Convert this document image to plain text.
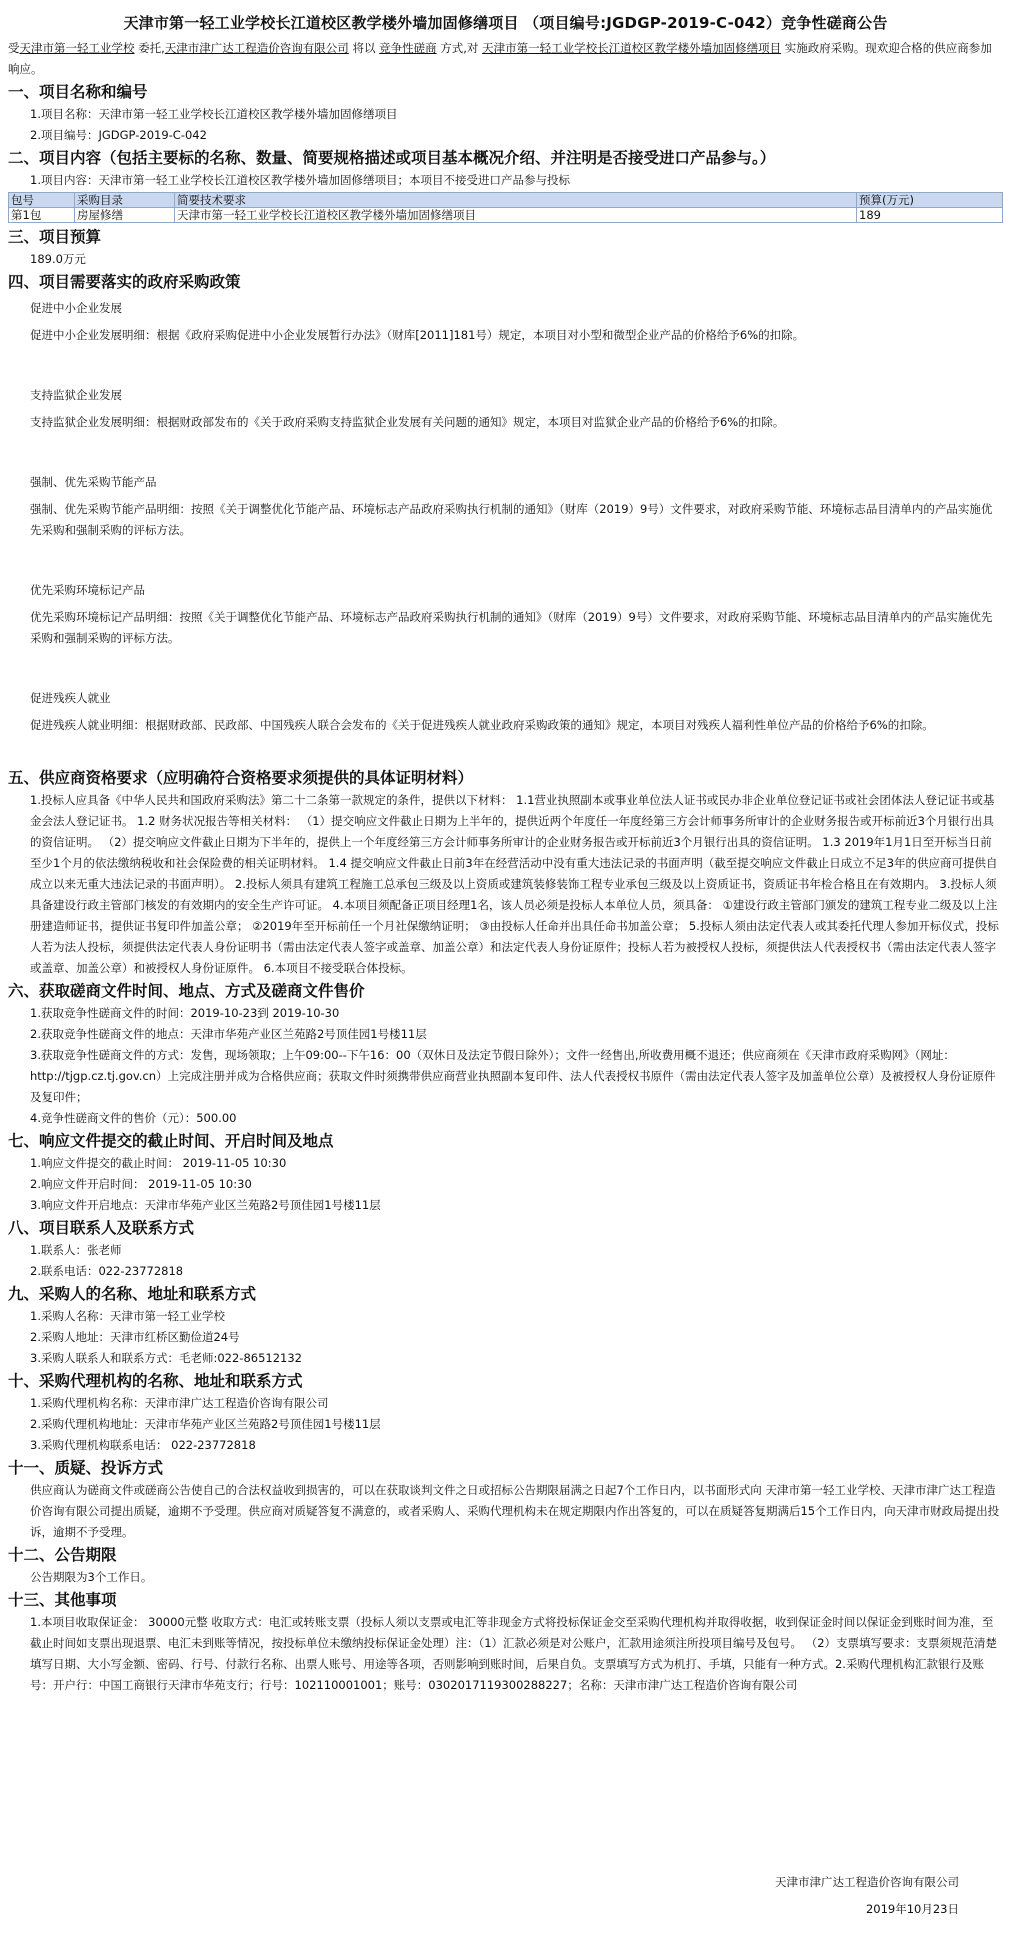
天津市第一轻工业学校长江道校区教学楼外墙加固修缮项目 （项目编号:JGDGP-2019-C-042）竞争性磋商公告
受天津市第一轻工业学校 委托,天津市津广达工程造价咨询有限公司 将以 竞争性磋商 方式,对 天津市第一轻工业学校长江道校区教学楼外墙加固修缮项目 实施政府采购。现欢迎合格的供应商参加响应。
一、项目名称和编号

1.项目名称：天津市第一轻工业学校长江道校区教学楼外墙加固修缮项目

2.项目编号：JGDGP-2019-C-042

二、项目内容（包括主要标的名称、数量、简要规格描述或项目基本概况介绍、并注明是否接受进口产品参与。）

1.项目内容：天津市第一轻工业学校长江道校区教学楼外墙加固修缮项目；本项目不接受进口产品参与投标

包号	采购目录	简要技术要求	预算(万元)
第1包	房屋修缮	天津市第一轻工业学校长江道校区教学楼外墙加固修缮项目	189
三、项目预算

189.0万元

四、项目需要落实的政府采购政策

促进中小企业发展

促进中小企业发展明细：根据《政府采购促进中小企业发展暂行办法》（财库[2011]181号）规定，本项目对小型和微型企业产品的价格给予6%的扣除。

支持监狱企业发展

支持监狱企业发展明细：根据财政部发布的《关于政府采购支持监狱企业发展有关问题的通知》规定，本项目对监狱企业产品的价格给予6%的扣除。

强制、优先采购节能产品

强制、优先采购节能产品明细：按照《关于调整优化节能产品、环境标志产品政府采购执行机制的通知》（财库（2019）9号）文件要求，对政府采购节能、环境标志品目清单内的产品实施优先采购和强制采购的评标方法。

优先采购环境标记产品

优先采购环境标记产品明细：按照《关于调整优化节能产品、环境标志产品政府采购执行机制的通知》（财库（2019）9号）文件要求，对政府采购节能、环境标志品目清单内的产品实施优先采购和强制采购的评标方法。

促进残疾人就业

促进残疾人就业明细：根据财政部、民政部、中国残疾人联合会发布的《关于促进残疾人就业政府采购政策的通知》规定，本项目对残疾人福利性单位产品的价格给予6%的扣除。

五、供应商资格要求（应明确符合资格要求须提供的具体证明材料）

1.投标人应具备《中华人民共和国政府采购法》第二十二条第一款规定的条件，提供以下材料： 1.1营业执照副本或事业单位法人证书或民办非企业单位登记证书或社会团体法人登记证书或基金会法人登记证书。 1.2 财务状况报告等相关材料： （1）提交响应文件截止日期为上半年的，提供近两个年度任一年度经第三方会计师事务所审计的企业财务报告或开标前近3个月银行出具的资信证明。 （2）提交响应文件截止日期为下半年的，提供上一个年度经第三方会计师事务所审计的企业财务报告或开标前近3个月银行出具的资信证明。 1.3 2019年1月1日至开标当日前至少1个月的依法缴纳税收和社会保险费的相关证明材料。 1.4 提交响应文件截止日前3年在经营活动中没有重大违法记录的书面声明（截至提交响应文件截止日成立不足3年的供应商可提供自成立以来无重大违法记录的书面声明）。 2.投标人须具有建筑工程施工总承包三级及以上资质或建筑装修装饰工程专业承包三级及以上资质证书，资质证书年检合格且在有效期内。 3.投标人须具备建设行政主管部门核发的有效期内的安全生产许可证。 4.本项目须配备正项目经理1名，该人员必须是投标人本单位人员，须具备： ①建设行政主管部门颁发的建筑工程专业二级及以上注册建造师证书，提供证书复印件加盖公章； ②2019年至开标前任一个月社保缴纳证明； ③由投标人任命并出具任命书加盖公章； 5.投标人须由法定代表人或其委托代理人参加开标仪式，投标人若为法人投标，须提供法定代表人身份证明书（需由法定代表人签字或盖章、加盖公章）和法定代表人身份证原件；投标人若为被授权人投标，须提供法人代表授权书（需由法定代表人签字或盖章、加盖公章）和被授权人身份证原件。 6.本项目不接受联合体投标。

六、获取磋商文件时间、地点、方式及磋商文件售价

1.获取竞争性磋商文件的时间：2019-10-23到 2019-10-30

2.获取竞争性磋商文件的地点：天津市华苑产业区兰苑路2号顶佳园1号楼11层

3.获取竞争性磋商文件的方式：发售，现场领取；上午09:00--下午16：00（双休日及法定节假日除外）；文件一经售出,所收费用概不退还；供应商须在《天津市政府采购网》（网址：http://tjgp.cz.tj.gov.cn）上完成注册并成为合格供应商；获取文件时须携带供应商营业执照副本复印件、法人代表授权书原件（需由法定代表人签字及加盖单位公章）及被授权人身份证原件及复印件；

4.竞争性磋商文件的售价（元）：500.00

七、响应文件提交的截止时间、开启时间及地点

1.响应文件提交的截止时间： 2019-11-05 10:30

2.响应文件开启时间： 2019-11-05 10:30

3.响应文件开启地点：天津市华苑产业区兰苑路2号顶佳园1号楼11层

八、项目联系人及联系方式

1.联系人：张老师

2.联系电话：022-23772818

九、采购人的名称、地址和联系方式

1.采购人名称：天津市第一轻工业学校

2.采购人地址：天津市红桥区勤俭道24号

3.采购人联系人和联系方式：毛老师:022-86512132

十、采购代理机构的名称、地址和联系方式

1.采购代理机构名称：天津市津广达工程造价咨询有限公司

2.采购代理机构地址：天津市华苑产业区兰苑路2号顶佳园1号楼11层

3.采购代理机构联系电话： 022-23772818

十一、质疑、投诉方式

供应商认为磋商文件或磋商公告使自己的合法权益收到损害的，可以在获取谈判文件之日或招标公告期限届满之日起7个工作日内，以书面形式向 天津市第一轻工业学校、天津市津广达工程造价咨询有限公司提出质疑，逾期不予受理。供应商对质疑答复不满意的，或者采购人、采购代理机构未在规定期限内作出答复的，可以在质疑答复期满后15个工作日内，向天津市财政局提出投诉，逾期不予受理。

十二、公告期限

公告期限为3个工作日。

十三、其他事项

1.本项目收取保证金： 30000元整 收取方式：电汇或转账支票（投标人须以支票或电汇等非现金方式将投标保证金交至采购代理机构并取得收据，收到保证金时间以保证金到账时间为准，至截止时间如支票出现退票、电汇未到账等情况，按投标单位未缴纳投标保证金处理）注：（1）汇款必须是对公账户，汇款用途须注所投项目编号及包号。 （2）支票填写要求：支票须规范清楚填写日期、大小写金额、密码、行号、付款行名称、出票人账号、用途等各项，否则影响到账时间，后果自负。支票填写方式为机打、手填，只能有一种方式。2.采购代理机构汇款银行及账号：开户行：中国工商银行天津市华苑支行；行号：102110001001；账号：0302017119300288227；名称：天津市津广达工程造价咨询有限公司

天津市津广达工程造价咨询有限公司
2019年10月23日
